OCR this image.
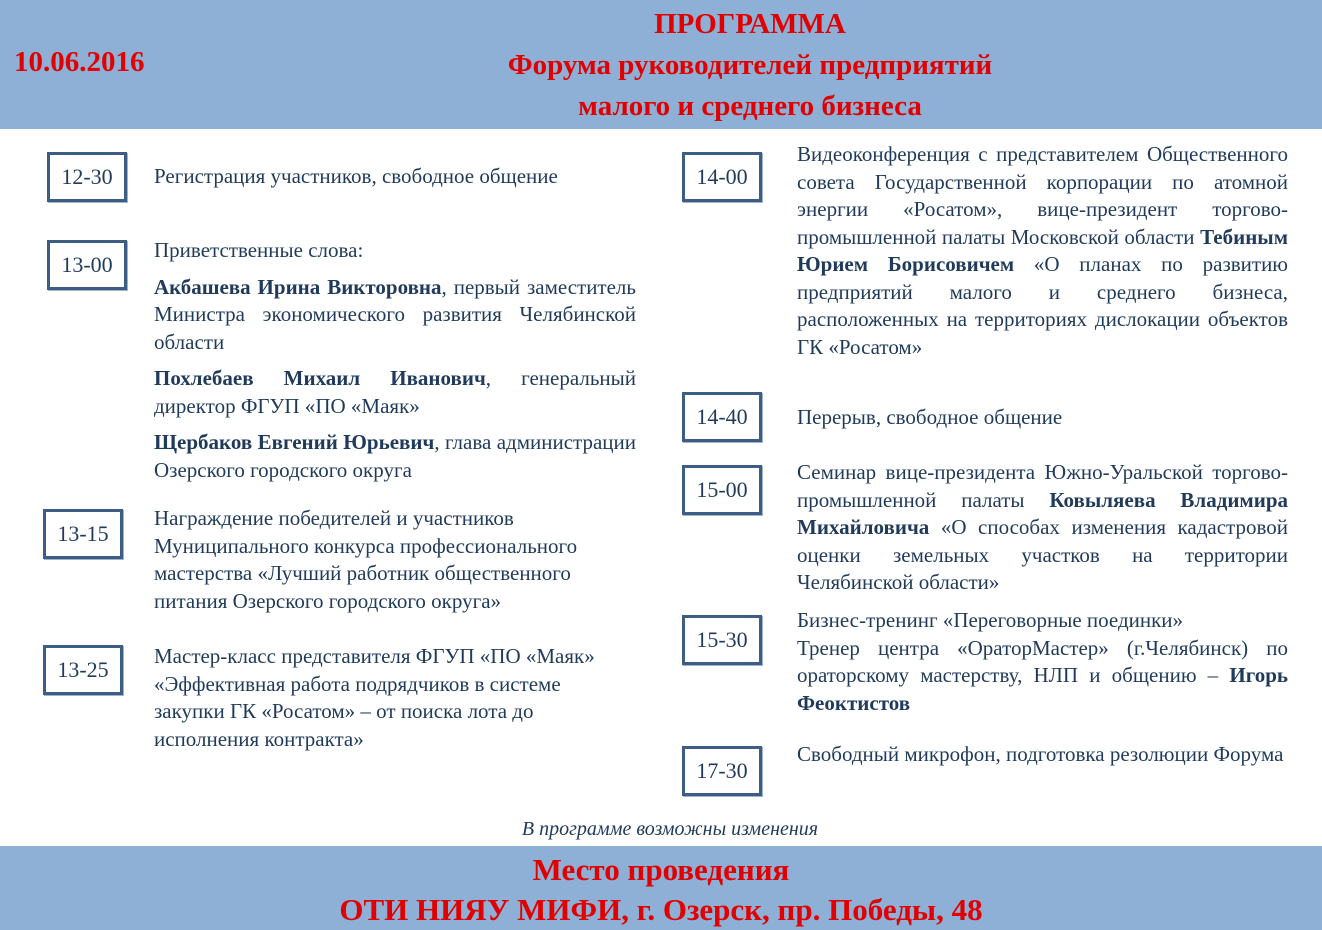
10.06.2016
ПРОГРАММА
Форума руководителей предприятий
малого и среднего бизнеса
12-30	Регистрация участников, свободное общение
13-00

Приветственные слова:

Акбашева Ирина Викторовна, первый заместитель Министра экономического развития Челябинской области

Похлебаев Михаил Иванович, генеральный директор ФГУП «ПО «Маяк»

Щербаков Евгений Юрьевич, глава администрации Озерского городского округа

13-15
Награждение победителей и участников Муниципального конкурса профессионального мастерства «Лучший работник общественного питания Озерского городского округа»
13-25
Мастер-класс представителя ФГУП «ПО «Маяк» «Эффективная работа подрядчиков в системе закупки ГК «Росатом» – от поиска лота до исполнения контракта»
14-00
Видеоконференция с представителем Общественного совета Государственной корпорации по атомной энергии «Росатом», вице-президент торгово-промышленной палаты Московской области Тебиным Юрием Борисовичем «О планах по развитию предприятий малого и среднего бизнеса, расположенных на территориях дислокации объектов ГК «Росатом»
14-40	Перерыв, свободное общение
15-00
Семинар вице-президента Южно-Уральской торгово-промышленной палаты Ковыляева Владимира Михайловича «О способах изменения кадастровой оценки земельных участков на территории Челябинской области»
15-30

Бизнес-тренинг «Переговорные поединки»

Тренер центра «ОраторМастер» (г.Челябинск) по ораторскому мастерству, НЛП и общению – Игорь Феоктистов

17-30
Свободный микрофон, подготовка резолюции Форума
В программе возможны изменения
Место проведения
ОТИ НИЯУ МИФИ, г. Озерск, пр. Победы, 48
